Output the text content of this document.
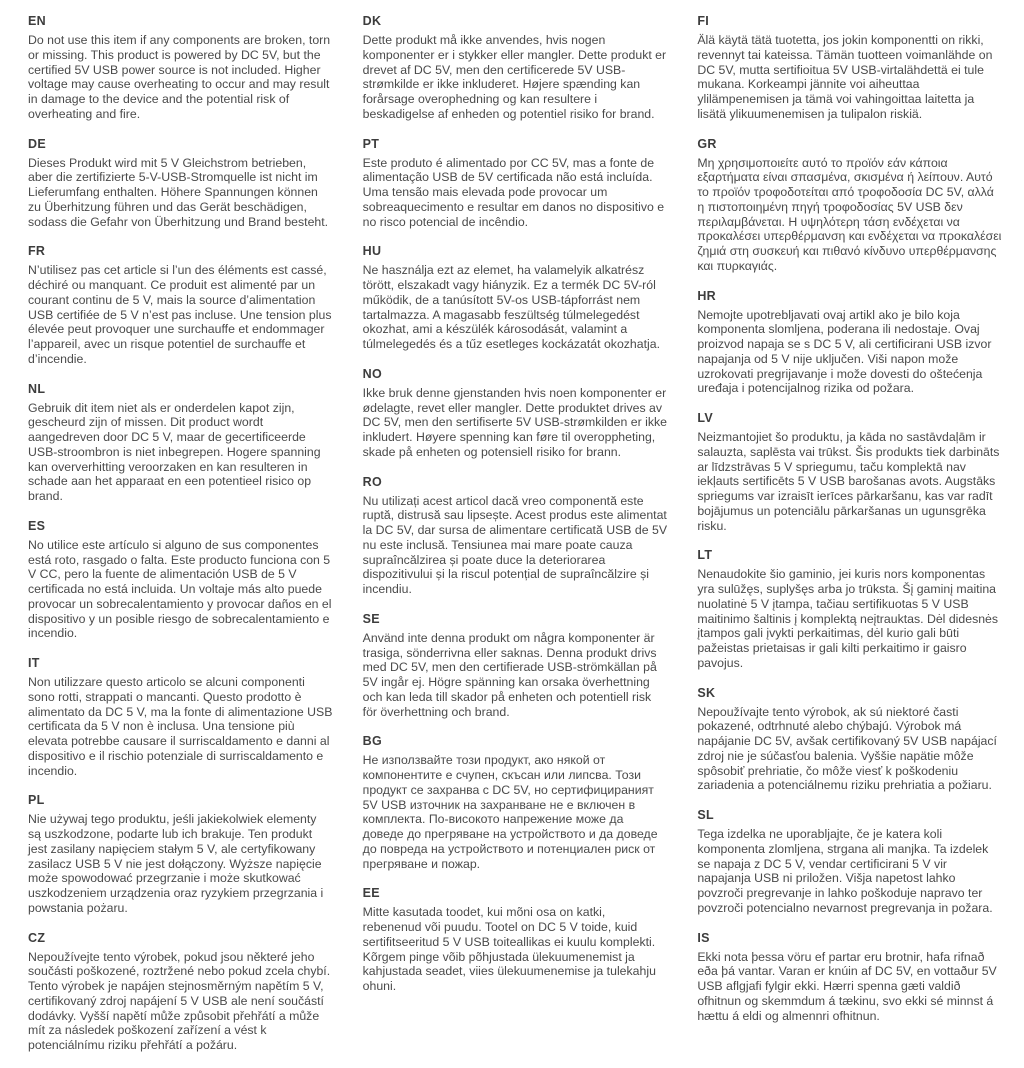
EN

Do not use this item if any components are broken, torn or missing. This product is powered by DC 5V, but the certified 5V USB power source is not included. Higher voltage may cause overheating to occur and may result in damage to the device and the potential risk of overheating and fire.

DE

Dieses Produkt wird mit 5 V Gleichstrom betrieben, aber die zertifizierte 5-V-USB-Stromquelle ist nicht im Lieferumfang enthalten. Höhere Spannungen können zu Überhitzung führen und das Gerät beschädigen, sodass die Gefahr von Überhitzung und Brand besteht.

FR

N’utilisez pas cet article si l’un des éléments est cassé, déchiré ou manquant. Ce produit est alimenté par un courant continu de 5 V, mais la source d’alimentation USB certifiée de 5 V n’est pas incluse. Une tension plus élevée peut provoquer une surchauffe et endommager l’appareil, avec un risque potentiel de surchauffe et d’incendie.

NL

Gebruik dit item niet als er onderdelen kapot zijn, gescheurd zijn of missen. Dit product wordt aangedreven door DC 5 V, maar de gecertificeerde USB-stroombron is niet inbegrepen. Hogere spanning kan oververhitting veroorzaken en kan resulteren in schade aan het apparaat en een potentieel risico op brand.

ES

No utilice este artículo si alguno de sus componentes está roto, rasgado o falta. Este producto funciona con 5 V CC, pero la fuente de alimentación USB de 5 V certificada no está incluida. Un voltaje más alto puede provocar un sobrecalentamiento y provocar daños en el dispositivo y un posible riesgo de sobrecalentamiento e incendio.

IT

Non utilizzare questo articolo se alcuni componenti sono rotti, strappati o mancanti. Questo prodotto è alimentato da DC 5 V, ma la fonte di alimentazione USB certificata da 5 V non è inclusa. Una tensione più elevata potrebbe causare il surriscaldamento e danni al dispositivo e il rischio potenziale di surriscaldamento e incendio.

PL

Nie używaj tego produktu, jeśli jakiekolwiek elementy są uszkodzone, podarte lub ich brakuje. Ten produkt jest zasilany napięciem stałym 5 V, ale certyfikowany zasilacz USB 5 V nie jest dołączony. Wyższe napięcie może spowodować przegrzanie i może skutkować uszkodzeniem urządzenia oraz ryzykiem przegrzania i powstania pożaru.

CZ

Nepoužívejte tento výrobek, pokud jsou některé jeho součásti poškozené, roztržené nebo pokud zcela chybí. Tento výrobek je napájen stejnosměrným napětím 5 V, certifikovaný zdroj napájení 5 V USB ale není součástí dodávky. Vyšší napětí může způsobit přehřátí a může mít za následek poškození zařízení a vést k potenciálnímu riziku přehřátí a požáru.

DK

Dette produkt må ikke anvendes, hvis nogen komponenter er i stykker eller mangler. Dette produkt er drevet af DC 5V, men den certificerede 5V USB-strømkilde er ikke inkluderet. Højere spænding kan forårsage overophedning og kan resultere i beskadigelse af enheden og potentiel risiko for brand.

PT

Este produto é alimentado por CC 5V, mas a fonte de alimentação USB de 5V certificada não está incluída. Uma tensão mais elevada pode provocar um sobreaquecimento e resultar em danos no dispositivo e no risco potencial de incêndio.

HU

Ne használja ezt az elemet, ha valamelyik alkatrész törött, elszakadt vagy hiányzik. Ez a termék DC 5V-ról működik, de a tanúsított 5V-os USB-tápforrást nem tartalmazza. A magasabb feszültség túlmelegedést okozhat, ami a készülék károsodását, valamint a túlmelegedés és a tűz esetleges kockázatát okozhatja.

NO

Ikke bruk denne gjenstanden hvis noen komponenter er ødelagte, revet eller mangler. Dette produktet drives av DC 5V, men den sertifiserte 5V USB-strømkilden er ikke inkludert. Høyere spenning kan føre til overoppheting, skade på enheten og potensiell risiko for brann.

RO

Nu utilizați acest articol dacă vreo componentă este ruptă, distrusă sau lipsește. Acest produs este alimentat la DC 5V, dar sursa de alimentare certificată USB de 5V nu este inclusă. Tensiunea mai mare poate cauza supraîncălzirea și poate duce la deteriorarea dispozitivului și la riscul potențial de supraîncălzire și incendiu.

SE

Använd inte denna produkt om några komponenter är trasiga, sönderrivna eller saknas. Denna produkt drivs med DC 5V, men den certifierade USB-strömkällan på 5V ingår ej. Högre spänning kan orsaka överhettning och kan leda till skador på enheten och potentiell risk för överhettning och brand.

BG

Не използвайте този продукт, ако някой от компонентите е счупен, скъсан или липсва. Този продукт се захранва с DC 5V, но сертифицираният 5V USB източник на захранване не е включен в комплекта. По-високото напрежение може да доведе до прегряване на устройството и да доведе до повреда на устройството и потенциален риск от прегряване и пожар.

EE

Mitte kasutada toodet, kui mõni osa on katki, rebenenud või puudu. Tootel on DC 5 V toide, kuid sertifitseeritud 5 V USB toiteallikas ei kuulu komplekti. Kõrgem pinge võib põhjustada ülekuumenemist ja kahjustada seadet, viies ülekuumenemise ja tulekahju ohuni.

FI

Älä käytä tätä tuotetta, jos jokin komponentti on rikki, revennyt tai kateissa. Tämän tuotteen voimanlähde on DC 5V, mutta sertifioitua 5V USB-virtalähdettä ei tule mukana. Korkeampi jännite voi aiheuttaa ylilämpenemisen ja tämä voi vahingoittaa laitetta ja lisätä ylikuumenemisen ja tulipalon riskiä.

GR

Μη χρησιμοποιείτε αυτό το προϊόν εάν κάποια εξαρτήματα είναι σπασμένα, σκισμένα ή λείπουν. Αυτό το προϊόν τροφοδοτείται από τροφοδοσία DC 5V, αλλά η πιστοποιημένη πηγή τροφοδοσίας 5V USB δεν περιλαμβάνεται. Η υψηλότερη τάση ενδέχεται να προκαλέσει υπερθέρμανση και ενδέχεται να προκαλέσει ζημιά στη συσκευή και πιθανό κίνδυνο υπερθέρμανσης και πυρκαγιάς.

HR

Nemojte upotrebljavati ovaj artikl ako je bilo koja komponenta slomljena, poderana ili nedostaje. Ovaj proizvod napaja se s DC 5 V, ali certificirani USB izvor napajanja od 5 V nije uključen. Viši napon može uzrokovati pregrijavanje i može dovesti do oštećenja uređaja i potencijalnog rizika od požara.

LV

Neizmantojiet šo produktu, ja kāda no sastāvdaļām ir salauzta, saplēsta vai trūkst. Šis produkts tiek darbināts ar līdzstrāvas 5 V spriegumu, taču komplektā nav iekļauts sertificēts 5 V USB barošanas avots. Augstāks spriegums var izraisīt ierīces pārkaršanu, kas var radīt bojājumus un potenciālu pārkaršanas un ugunsgrēka risku.

LT

Nenaudokite šio gaminio, jei kuris nors komponentas yra sulūžęs, suplyšęs arba jo trūksta. Šį gaminį maitina nuolatinė 5 V įtampa, tačiau sertifikuotas 5 V USB maitinimo šaltinis į komplektą neįtrauktas. Dėl didesnės įtampos gali įvykti perkaitimas, dėl kurio gali būti pažeistas prietaisas ir gali kilti perkaitimo ir gaisro pavojus.

SK

Nepoužívajte tento výrobok, ak sú niektoré časti pokazené, odtrhnuté alebo chýbajú. Výrobok má napájanie DC 5V, avšak certifikovaný 5V USB napájací zdroj nie je súčasťou balenia. Vyššie napätie môže spôsobiť prehriatie, čo môže viesť k poškodeniu zariadenia a potenciálnemu riziku prehriatia a požiaru.

SL

Tega izdelka ne uporabljajte, če je katera koli komponenta zlomljena, strgana ali manjka. Ta izdelek se napaja z DC 5 V, vendar certificirani 5 V vir napajanja USB ni priložen. Višja napetost lahko povzroči pregrevanje in lahko poškoduje napravo ter povzroči potencialno nevarnost pregrevanja in požara.

IS

Ekki nota þessa vöru ef partar eru brotnir, hafa rifnað eða þá vantar. Varan er knúin af DC 5V, en vottaður 5V USB aflgjafi fylgir ekki. Hærri spenna gæti valdið ofhitnun og skemmdum á tækinu, svo ekki sé minnst á hættu á eldi og almennri ofhitnun.
